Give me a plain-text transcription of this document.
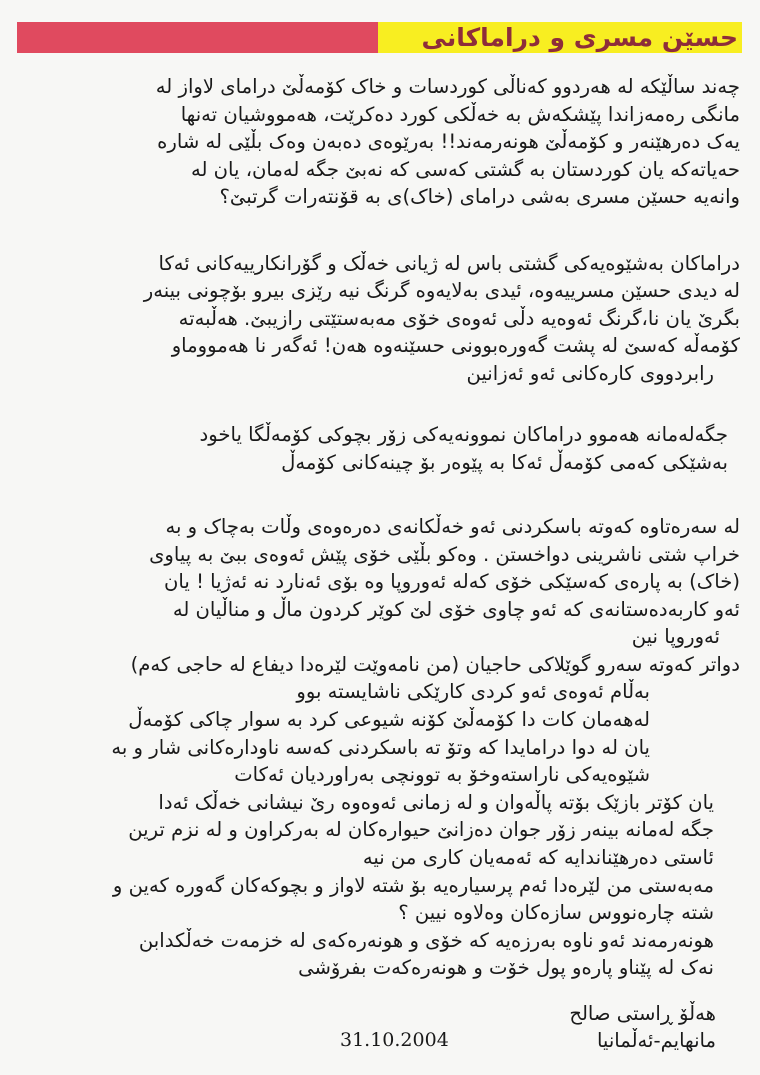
حسێن مسری و دراماکانی
چەند ساڵێکە لە هەردوو کەناڵی کوردسات و خاک کۆمەڵێ درامای لاواز لە
مانگی رەمەزاندا پێشکەش بە خەڵکی کورد دەکرێت، هەمووشیان تەنها
یەک دەرهێنەر و کۆمەڵێ هونەرمەند!! بەرێوەی دەبەن وەک بڵێی لە شارە
حەیاتەکە یان کوردستان بە گشتی کەسی کە نەبێ جگە لەمان، یان لە
وانەیە حسێن مسری بەشی درامای (خاک)ی بە قۆنتەرات گرتبێ؟
دراماکان بەشێوەیەکی گشتی باس لە ژیانی خەڵک و گۆرانکارییەکانی ئەکا
لە دیدی حسێن مسرییەوە، ئیدی بەلایەوە گرنگ نیە رێزی بیرو بۆچونی بینەر
بگرێ یان نا،گرنگ ئەوەیە دڵی ئەوەی خۆی مەبەستێتی رازیبێ. هەڵبەتە
کۆمەڵە کەسێ لە پشت گەورەبوونی حسێنەوە هەن! ئەگەر نا هەمووماو
رابردووی کارەکانی ئەو ئەزانین
جگەلەمانە هەموو دراماکان نموونەیەکی زۆر بچوکی کۆمەڵگا یاخود
بەشێکی کەمی کۆمەڵ ئەکا بە پێوەر بۆ چینەکانی کۆمەڵ
لە سەرەتاوە کەوتە باسکردنی ئەو خەڵکانەی دەرەوەی وڵات بەچاک و بە
خراپ شتی ناشرینی دواخستن . وەکو بڵێی خۆی پێش ئەوەی ببێ بە پیاوی
(خاک) بە پارەی کەسێکی خۆی کەلە ئەوروپا وە بۆی ئەنارد نە ئەژیا ! یان
ئەو کاربەدەستانەی کە ئەو چاوی خۆی لێ کوێر کردون ماڵ و مناڵیان لە
ئەوروپا نین
دواتر کەوتە سەرو گوێلاکی حاجیان (من نامەوێت لێرەدا دیفاع لە حاجی کەم)
بەڵام ئەوەی ئەو کردی کارێکی ناشایستە بوو
لەهەمان کات دا کۆمەڵێ کۆنە شیوعی کرد بە سوار چاکی کۆمەڵ
یان لە دوا درامایدا کە وتۆ تە باسکردنی کەسە ناودارەکانی شار و بە
شێوەیەکی ناراستەوخۆ بە توونچی بەراوردیان ئەکات
یان کۆتر بازێک بۆتە پاڵەوان و لە زمانی ئەوەوە رێ نیشانی خەڵک ئەدا
جگە لەمانە بینەر زۆر جوان دەزانێ حیوارەکان لە بەرکراون و لە نزم ترین
ئاستی دەرهێناندایە کە ئەمەیان کاری من نیە
مەبەستی من لێرەدا ئەم پرسیارەیە بۆ شتە لاواز و بچوکەکان گەورە کەین و
شتە چارەنووس سازەکان وەلاوە نیین ؟
هونەرمەند ئەو ناوە بەرزەیە کە خۆی و هونەرەکەی لە خزمەت خەڵکدابن
نەک لە پێناو پارەو پول خۆت و هونەرەکەت بفرۆشی
هەڵۆ ڕاستی صالح
مانهایم-ئەڵمانیا
31.10.2004
